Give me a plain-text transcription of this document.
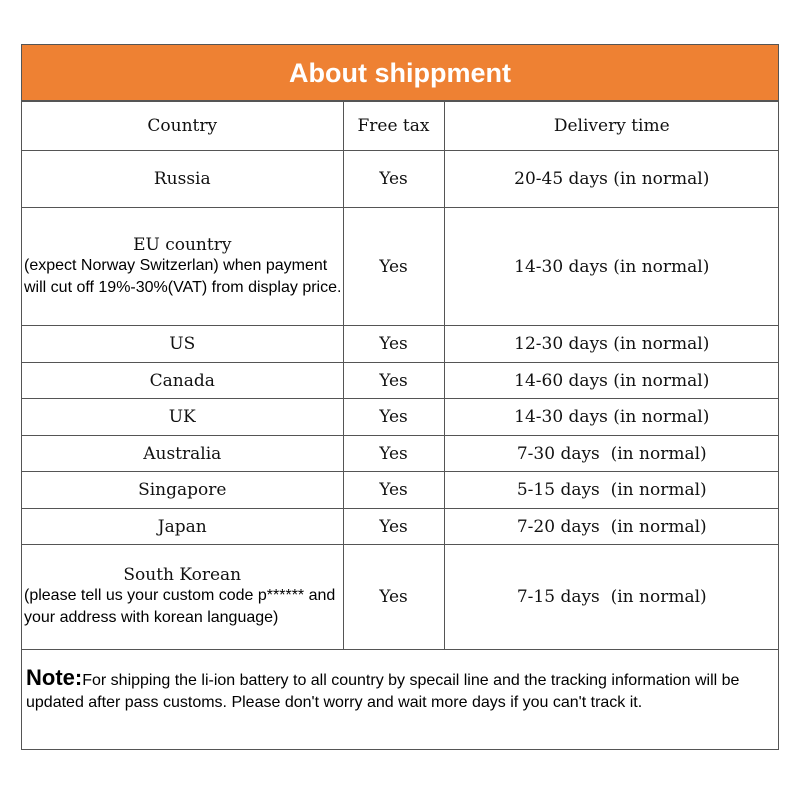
About shippment
Country	Free tax	Delivery time

Russia	Yes	20-45 days (in normal)

EU country
(expect Norway Switzerlan) when payment will cut off 19%-30%(VAT) from display price.	Yes	14-30 days (in normal)

US	Yes	12-30 days (in normal)

Canada	Yes	14-60 days (in normal)

UK	Yes	14-30 days (in normal)

Australia	Yes	7-30 days  (in normal)

Singapore	Yes	5-15 days  (in normal)

Japan	Yes	7-20 days  (in normal)

South Korean
(please tell us your custom code p****** and your address with korean language)	Yes	7-15 days  (in normal)
Note:For shipping the li-ion battery to all country by specail line and the tracking information will be updated after pass customs. Please don't worry and wait more days if you can't track it.
